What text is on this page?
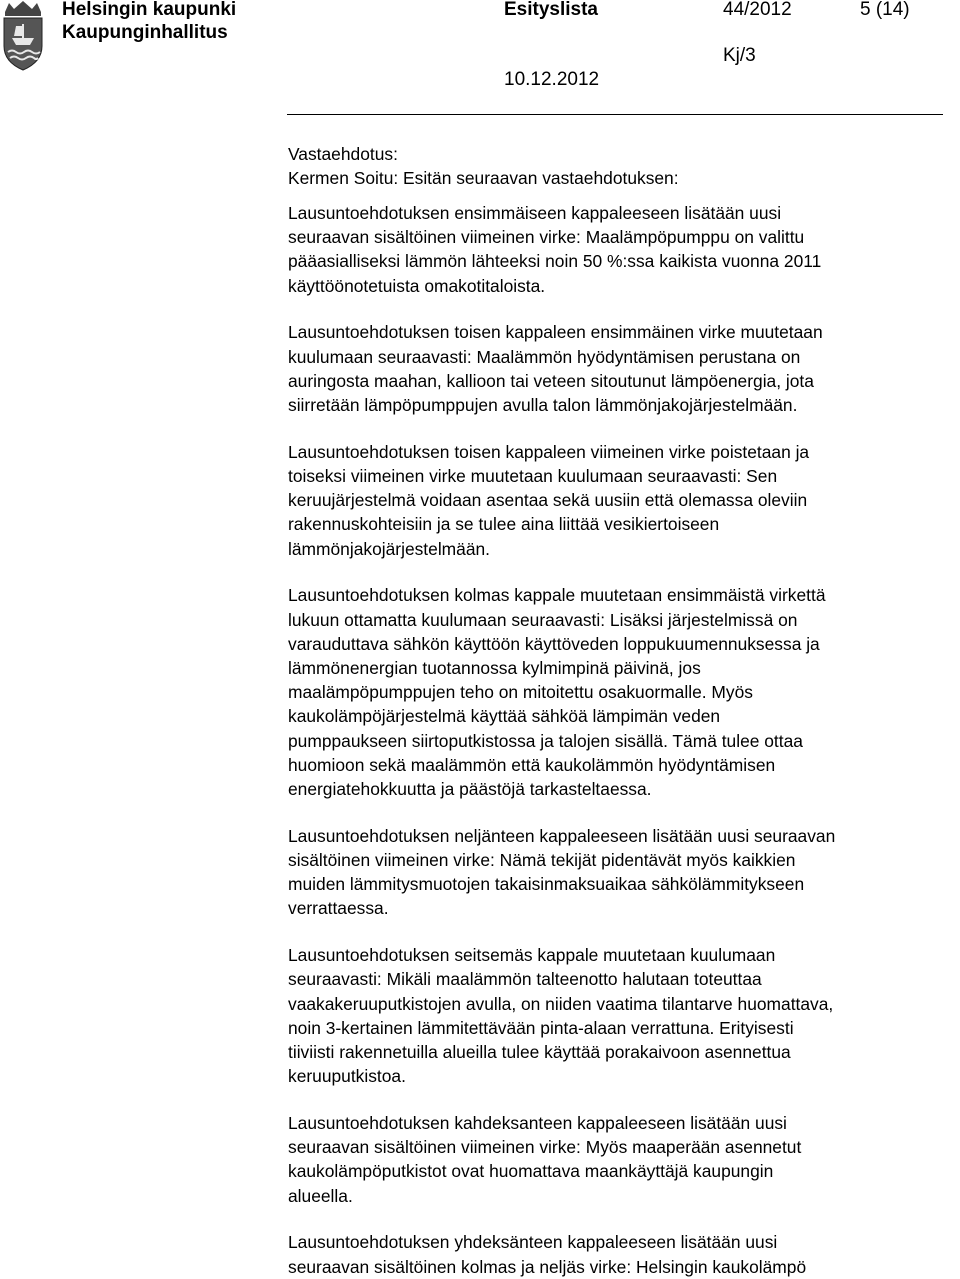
Helsingin kaupunki
Kaupunginhallitus
Esityslista	44/2012	5 (14)
Kj/3
10.12.2012

Vastaehdotus:
Kermen Soitu: Esitän seuraavan vastaehdotuksen:

Lausuntoehdotuksen ensimmäiseen kappaleeseen lisätään uusi
seuraavan sisältöinen viimeinen virke: Maalämpöpumppu on valittu
pääasialliseksi lämmön lähteeksi noin 50 %:ssa kaikista vuonna 2011
käyttöönotetuista omakotitaloista.

Lausuntoehdotuksen toisen kappaleen ensimmäinen virke muutetaan
kuulumaan seuraavasti: Maalämmön hyödyntämisen perustana on
auringosta maahan, kallioon tai veteen sitoutunut lämpöenergia, jota
siirretään lämpöpumppujen avulla talon lämmönjakojärjestelmään.

Lausuntoehdotuksen toisen kappaleen viimeinen virke poistetaan ja
toiseksi viimeinen virke muutetaan kuulumaan seuraavasti: Sen
keruujärjestelmä voidaan asentaa sekä uusiin että olemassa oleviin
rakennuskohteisiin ja se tulee aina liittää vesikiertoiseen
lämmönjakojärjestelmään.

Lausuntoehdotuksen kolmas kappale muutetaan ensimmäistä virkettä
lukuun ottamatta kuulumaan seuraavasti: Lisäksi järjestelmissä on
varauduttava sähkön käyttöön käyttöveden loppukuumennuksessa ja
lämmönenergian tuotannossa kylmimpinä päivinä, jos
maalämpöpumppujen teho on mitoitettu osakuormalle. Myös
kaukolämpöjärjestelmä käyttää sähköä lämpimän veden
pumppaukseen siirtoputkistossa ja talojen sisällä. Tämä tulee ottaa
huomioon sekä maalämmön että kaukolämmön hyödyntämisen
energiatehokkuutta ja päästöjä tarkasteltaessa.

Lausuntoehdotuksen neljänteen kappaleeseen lisätään uusi seuraavan
sisältöinen viimeinen virke: Nämä tekijät pidentävät myös kaikkien
muiden lämmitysmuotojen takaisinmaksuaikaa sähkölämmitykseen
verrattaessa.

Lausuntoehdotuksen seitsemäs kappale muutetaan kuulumaan
seuraavasti: Mikäli maalämmön talteenotto halutaan toteuttaa
vaakakeruuputkistojen avulla, on niiden vaatima tilantarve huomattava,
noin 3-kertainen lämmitettävään pinta-alaan verrattuna. Erityisesti
tiiviisti rakennetuilla alueilla tulee käyttää porakaivoon asennettua
keruuputkistoa.

Lausuntoehdotuksen kahdeksanteen kappaleeseen lisätään uusi
seuraavan sisältöinen viimeinen virke: Myös maaperään asennetut
kaukolämpöputkistot ovat huomattava maankäyttäjä kaupungin
alueella.

Lausuntoehdotuksen yhdeksänteen kappaleeseen lisätään uusi
seuraavan sisältöinen kolmas ja neljäs virke: Helsingin kaukolämpö
